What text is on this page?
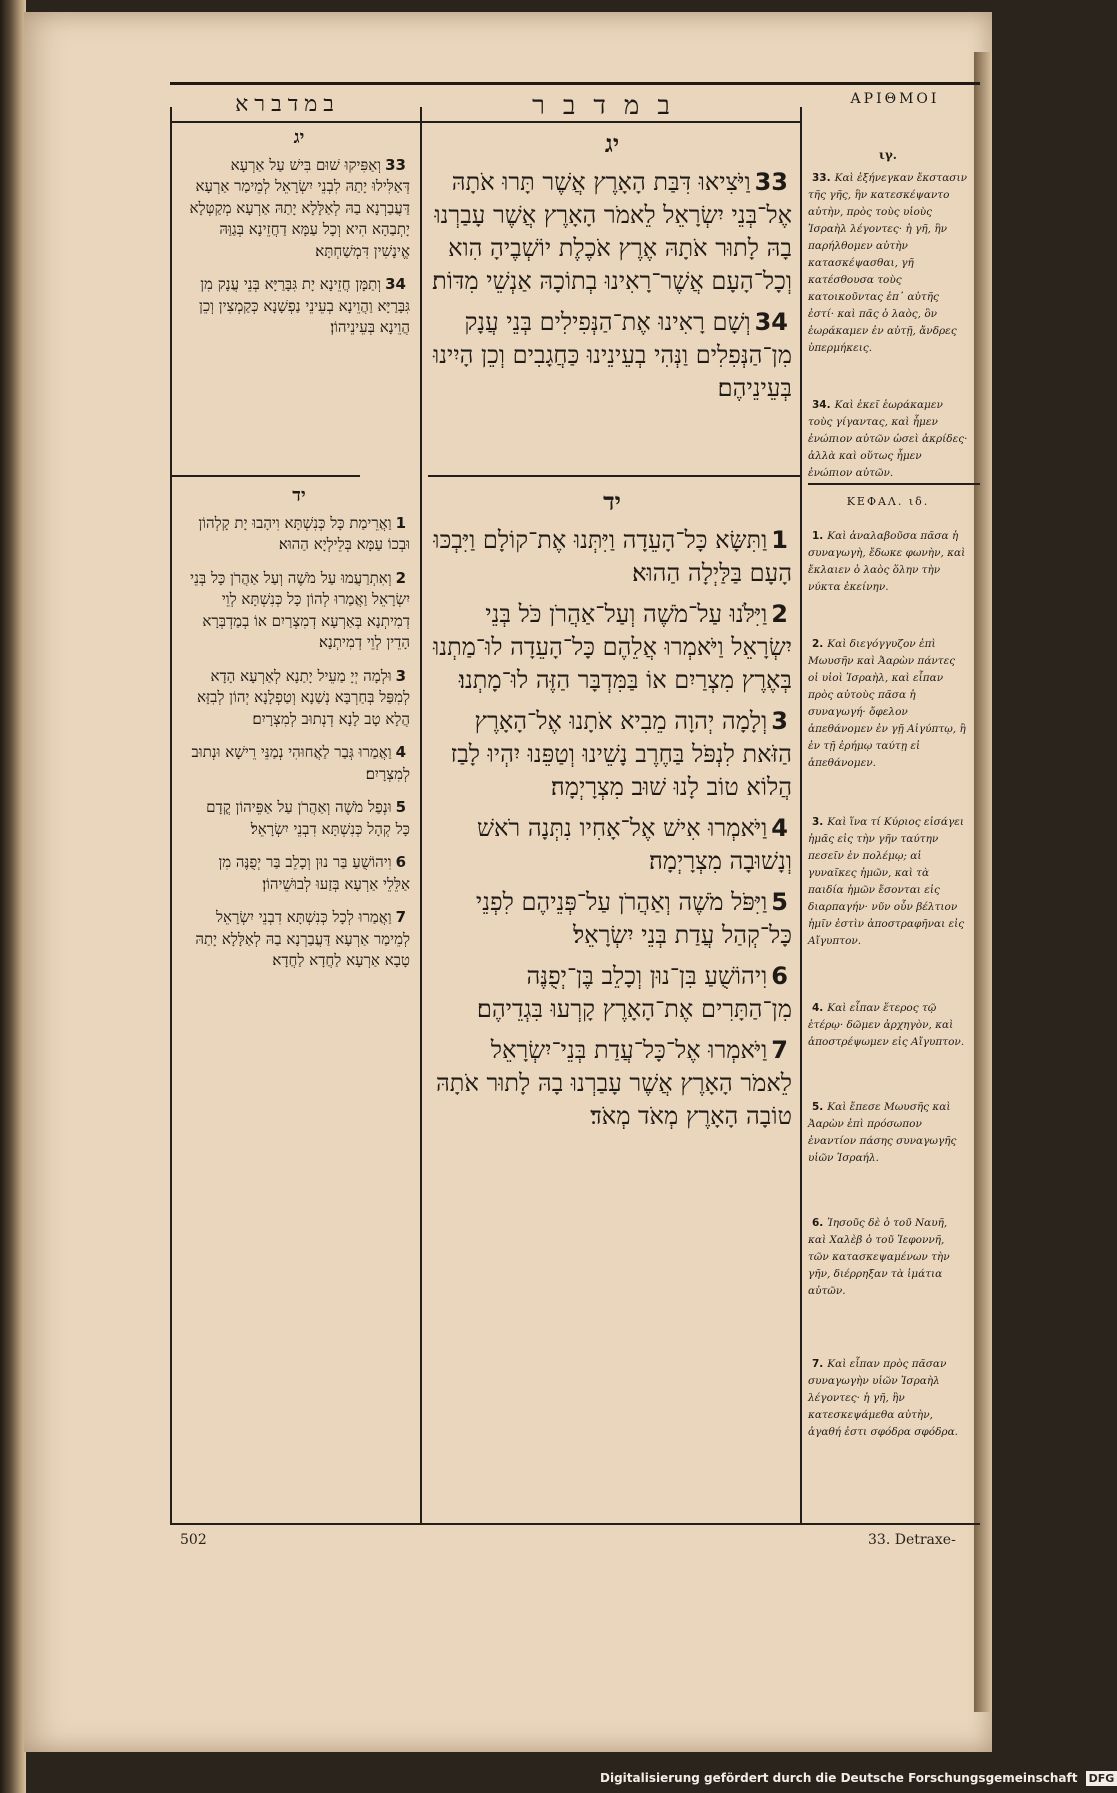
במדברא	במדבר	ΑΡΙΘΜΟΙ
יג
33וְאַפִּיקוּ שׁוּם בִּישׁ עַל אַרְעָא דְּאַלִּילוּ יָתַהּ לִבְנֵי יִשְׂרָאֵל לְמֵימַר אַרְעָא דַּעֲבַרְנָא בַהּ לְאַלָּלָא יָתַהּ אַרְעָא מְקַטְּלָא יָתְבַהָא הִיא וְכָל עַמָּא דַחֲזֵינָא בְּגַוַּהּ אֱינָשִׁין דִּמְשַׁחְתָּא׃
34וְתַמָּן חֲזֵינָא יָת גִּבָּרַיָּא בְּנֵי עֲנָק מִן גִּבָּרַיָּא וַהֲוֵינָא בְעֵינֵי נַפְשָׁנָא כְּקַמְצִין וְכֵן הֲוֵינָא בְּעֵינֵיהוֹן׃
יד
1וַאֲרֵימַת כָּל כְּנִשְׁתָּא וִיהָבוּ יָת קָלְהוֹן וּבְכוֹ עַמָּא בְּלֵילְיָא הַהוּא׃
2וְאִתְרַעֲמוּ עַל מֹשֶׁה וְעַל אַהֲרֹן כָּל בְּנֵי יִשְׂרָאֵל וַאֲמַרוּ לְהוֹן כָּל כְּנִשְׁתָּא לְוֵי דְמִיתְנָא בְּאַרְעָא דְמִצְרַיִם אוֹ בְמַדְבְּרָא הָדֵין לְוֵי דְמִיתְנָא׃
3וּלְמָה יְיָ מַעֵיל יָתַנָא לְאַרְעָא הָדָא לְמִפַּל בְּחַרְבָּא נְשַׁנָא וְטַפְלָנָא יְהוֹן לְבִזָּא הֲלָא טָב לָנָא דְנְתוּב לְמִצְרָיִם׃
4וַאֲמַרוּ גְּבַר לַאֲחוּהִי נְמַנֵּי רֵישָׁא וּנְתוּב לְמִצְרָיִם׃
5וּנְפַל מֹשֶׁה וְאַהֲרֹן עַל אַפֵּיהוֹן קֳדָם כָּל קְהָל כְּנִשְׁתָּא דִבְנֵי יִשְׂרָאֵל׃
6וִיהוֹשֻׁעַ בַּר נוּן וְכָלֵב בַּר יְפֻנֶּה מִן אַלֵּלֵי אַרְעָא בְּזַעוּ לְבוּשֵׁיהוֹן׃
7וַאֲמַרוּ לְכָל כְּנִשְׁתָּא דִבְנֵי יִשְׂרָאֵל לְמֵימַר אַרְעָא דַּעֲבַרְנָא בַהּ לְאַלָּלָא יָתַהּ טָבָא אַרְעָא לַחֲדָא לַחֲדָא׃
יג
33וַיֹּצִיאוּ דִּבַּת הָאָרֶץ אֲשֶׁר תָּרוּ אֹתָהּ אֶל־בְּנֵי יִשְׂרָאֵל לֵאמֹר הָאָרֶץ אֲשֶׁר עָבַרְנוּ בָהּ לָתוּר אֹתָהּ אֶרֶץ אֹכֶלֶת יוֹשְׁבֶיהָ הִוא וְכָל־הָעָם אֲשֶׁר־רָאִינוּ בְתוֹכָהּ אַנְשֵׁי מִדּוֹת׃
34וְשָׁם רָאִינוּ אֶת־הַנְּפִילִים בְּנֵי עֲנָק מִן־הַנְּפִלִים וַנְּהִי בְעֵינֵינוּ כַּחֲגָבִים וְכֵן הָיִינוּ בְּעֵינֵיהֶם׃
יד
1וַתִּשָּׂא כָּל־הָעֵדָה וַיִּתְּנוּ אֶת־קוֹלָם וַיִּבְכּוּ הָעָם בַּלַּיְלָה הַהוּא׃
2וַיִּלֹּנוּ עַל־מֹשֶׁה וְעַל־אַהֲרֹן כֹּל בְּנֵי יִשְׂרָאֵל וַיֹּאמְרוּ אֲלֵהֶם כָּל־הָעֵדָה לוּ־מַתְנוּ בְּאֶרֶץ מִצְרַיִם אוֹ בַּמִּדְבָּר הַזֶּה לוּ־מָתְנוּ׃
3וְלָמָה יְהוָה מֵבִיא אֹתָנוּ אֶל־הָאָרֶץ הַזֹּאת לִנְפֹּל בַּחֶרֶב נָשֵׁינוּ וְטַפֵּנוּ יִהְיוּ לָבַז הֲלוֹא טוֹב לָנוּ שׁוּב מִצְרָיְמָה׃
4וַיֹּאמְרוּ אִישׁ אֶל־אָחִיו נִתְּנָה רֹאשׁ וְנָשׁוּבָה מִצְרָיְמָה׃
5וַיִּפֹּל מֹשֶׁה וְאַהֲרֹן עַל־פְּנֵיהֶם לִפְנֵי כָּל־קְהַל עֲדַת בְּנֵי יִשְׂרָאֵל׃
6וִיהוֹשֻׁעַ בִּן־נוּן וְכָלֵב בֶּן־יְפֻנֶּה מִן־הַתָּרִים אֶת־הָאָרֶץ קָרְעוּ בִּגְדֵיהֶם׃
7וַיֹּאמְרוּ אֶל־כָּל־עֲדַת בְּנֵי־יִשְׂרָאֵל לֵאמֹר הָאָרֶץ אֲשֶׁר עָבַרְנוּ בָהּ לָתוּר אֹתָהּ טוֹבָה הָאָרֶץ מְאֹד מְאֹד׃
ιγ.
33. Καὶ ἐξήνεγκαν ἔκστασιν τῆς γῆς, ἣν κατεσκέψαντο αὐτὴν, πρὸς τοὺς υἱοὺς Ἰσραὴλ λέγοντες· ἡ γῆ, ἣν παρήλθομεν αὐτὴν κατασκέψασθαι, γῆ κατέσθουσα τοὺς κατοικοῦντας ἐπ᾿ αὐτῆς ἐστί· καὶ πᾶς ὁ λαὸς, ὃν ἑωράκαμεν ἐν αὐτῇ, ἄνδρες ὑπερμήκεις.
34. Καὶ ἐκεῖ ἑωράκαμεν τοὺς γίγαντας, καὶ ἦμεν ἐνώπιον αὐτῶν ὡσεὶ ἀκρίδες· ἀλλὰ καὶ οὕτως ἦμεν ἐνώπιον αὐτῶν.
ΚΕΦΑΛ. ιδ.
1. Καὶ ἀναλαβοῦσα πᾶσα ἡ συναγωγὴ, ἔδωκε φωνὴν, καὶ ἔκλαιεν ὁ λαὸς ὅλην τὴν νύκτα ἐκείνην.
2. Καὶ διεγόγγυζον ἐπὶ Μωυσῆν καὶ Ἀαρὼν πάντες οἱ υἱοὶ Ἰσραὴλ, καὶ εἶπαν πρὸς αὐτοὺς πᾶσα ἡ συναγωγή· ὄφελον ἀπεθάνομεν ἐν γῇ Αἰγύπτῳ, ἢ ἐν τῇ ἐρήμῳ ταύτῃ εἰ ἀπεθάνομεν.
3. Καὶ ἵνα τί Κύριος εἰσάγει ἡμᾶς εἰς τὴν γῆν ταύτην πεσεῖν ἐν πολέμῳ; αἱ γυναῖκες ἡμῶν, καὶ τὰ παιδία ἡμῶν ἔσονται εἰς διαρπαγήν· νῦν οὖν βέλτιον ἡμῖν ἐστὶν ἀποστραφῆναι εἰς Αἴγυπτον.
4. Καὶ εἶπαν ἕτερος τῷ ἑτέρῳ· δῶμεν ἀρχηγὸν, καὶ ἀποστρέψωμεν εἰς Αἴγυπτον.
5. Καὶ ἔπεσε Μωυσῆς καὶ Ἀαρὼν ἐπὶ πρόσωπον ἐναντίον πάσης συναγωγῆς υἱῶν Ἰσραήλ.
6. Ἰησοῦς δὲ ὁ τοῦ Ναυῆ, καὶ Χαλὲβ ὁ τοῦ Ἰεφοννῆ, τῶν κατασκεψαμένων τὴν γῆν, διέρρηξαν τὰ ἱμάτια αὐτῶν.
7. Καὶ εἶπαν πρὸς πᾶσαν συναγωγὴν υἱῶν Ἰσραὴλ λέγοντες· ἡ γῆ, ἣν κατεσκεψάμεθα αὐτὴν, ἀγαθή ἐστι σφόδρα σφόδρα.
502	33. Detraxe-
Digitalisierung gefördert durch die Deutsche Forschungsgemeinschaft DFG
